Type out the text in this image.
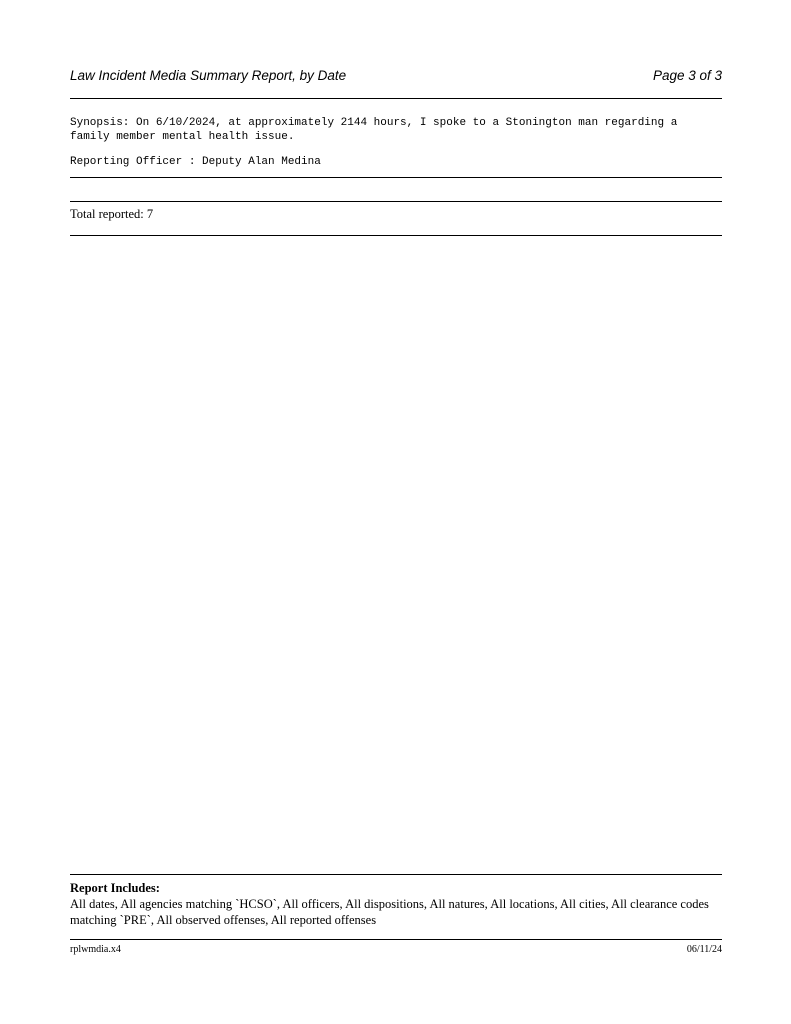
Law Incident Media Summary Report, by Date	Page 3 of 3
Synopsis: On 6/10/2024, at approximately 2144 hours, I spoke to a Stonington man regarding a family member mental health issue.
Reporting Officer : Deputy Alan Medina
Total reported: 7
Report Includes:
All dates, All agencies matching `HCSO`, All officers, All dispositions, All natures, All locations, All cities, All clearance codes matching `PRE`, All observed offenses, All reported offenses
rplwmdia.x4	06/11/24
